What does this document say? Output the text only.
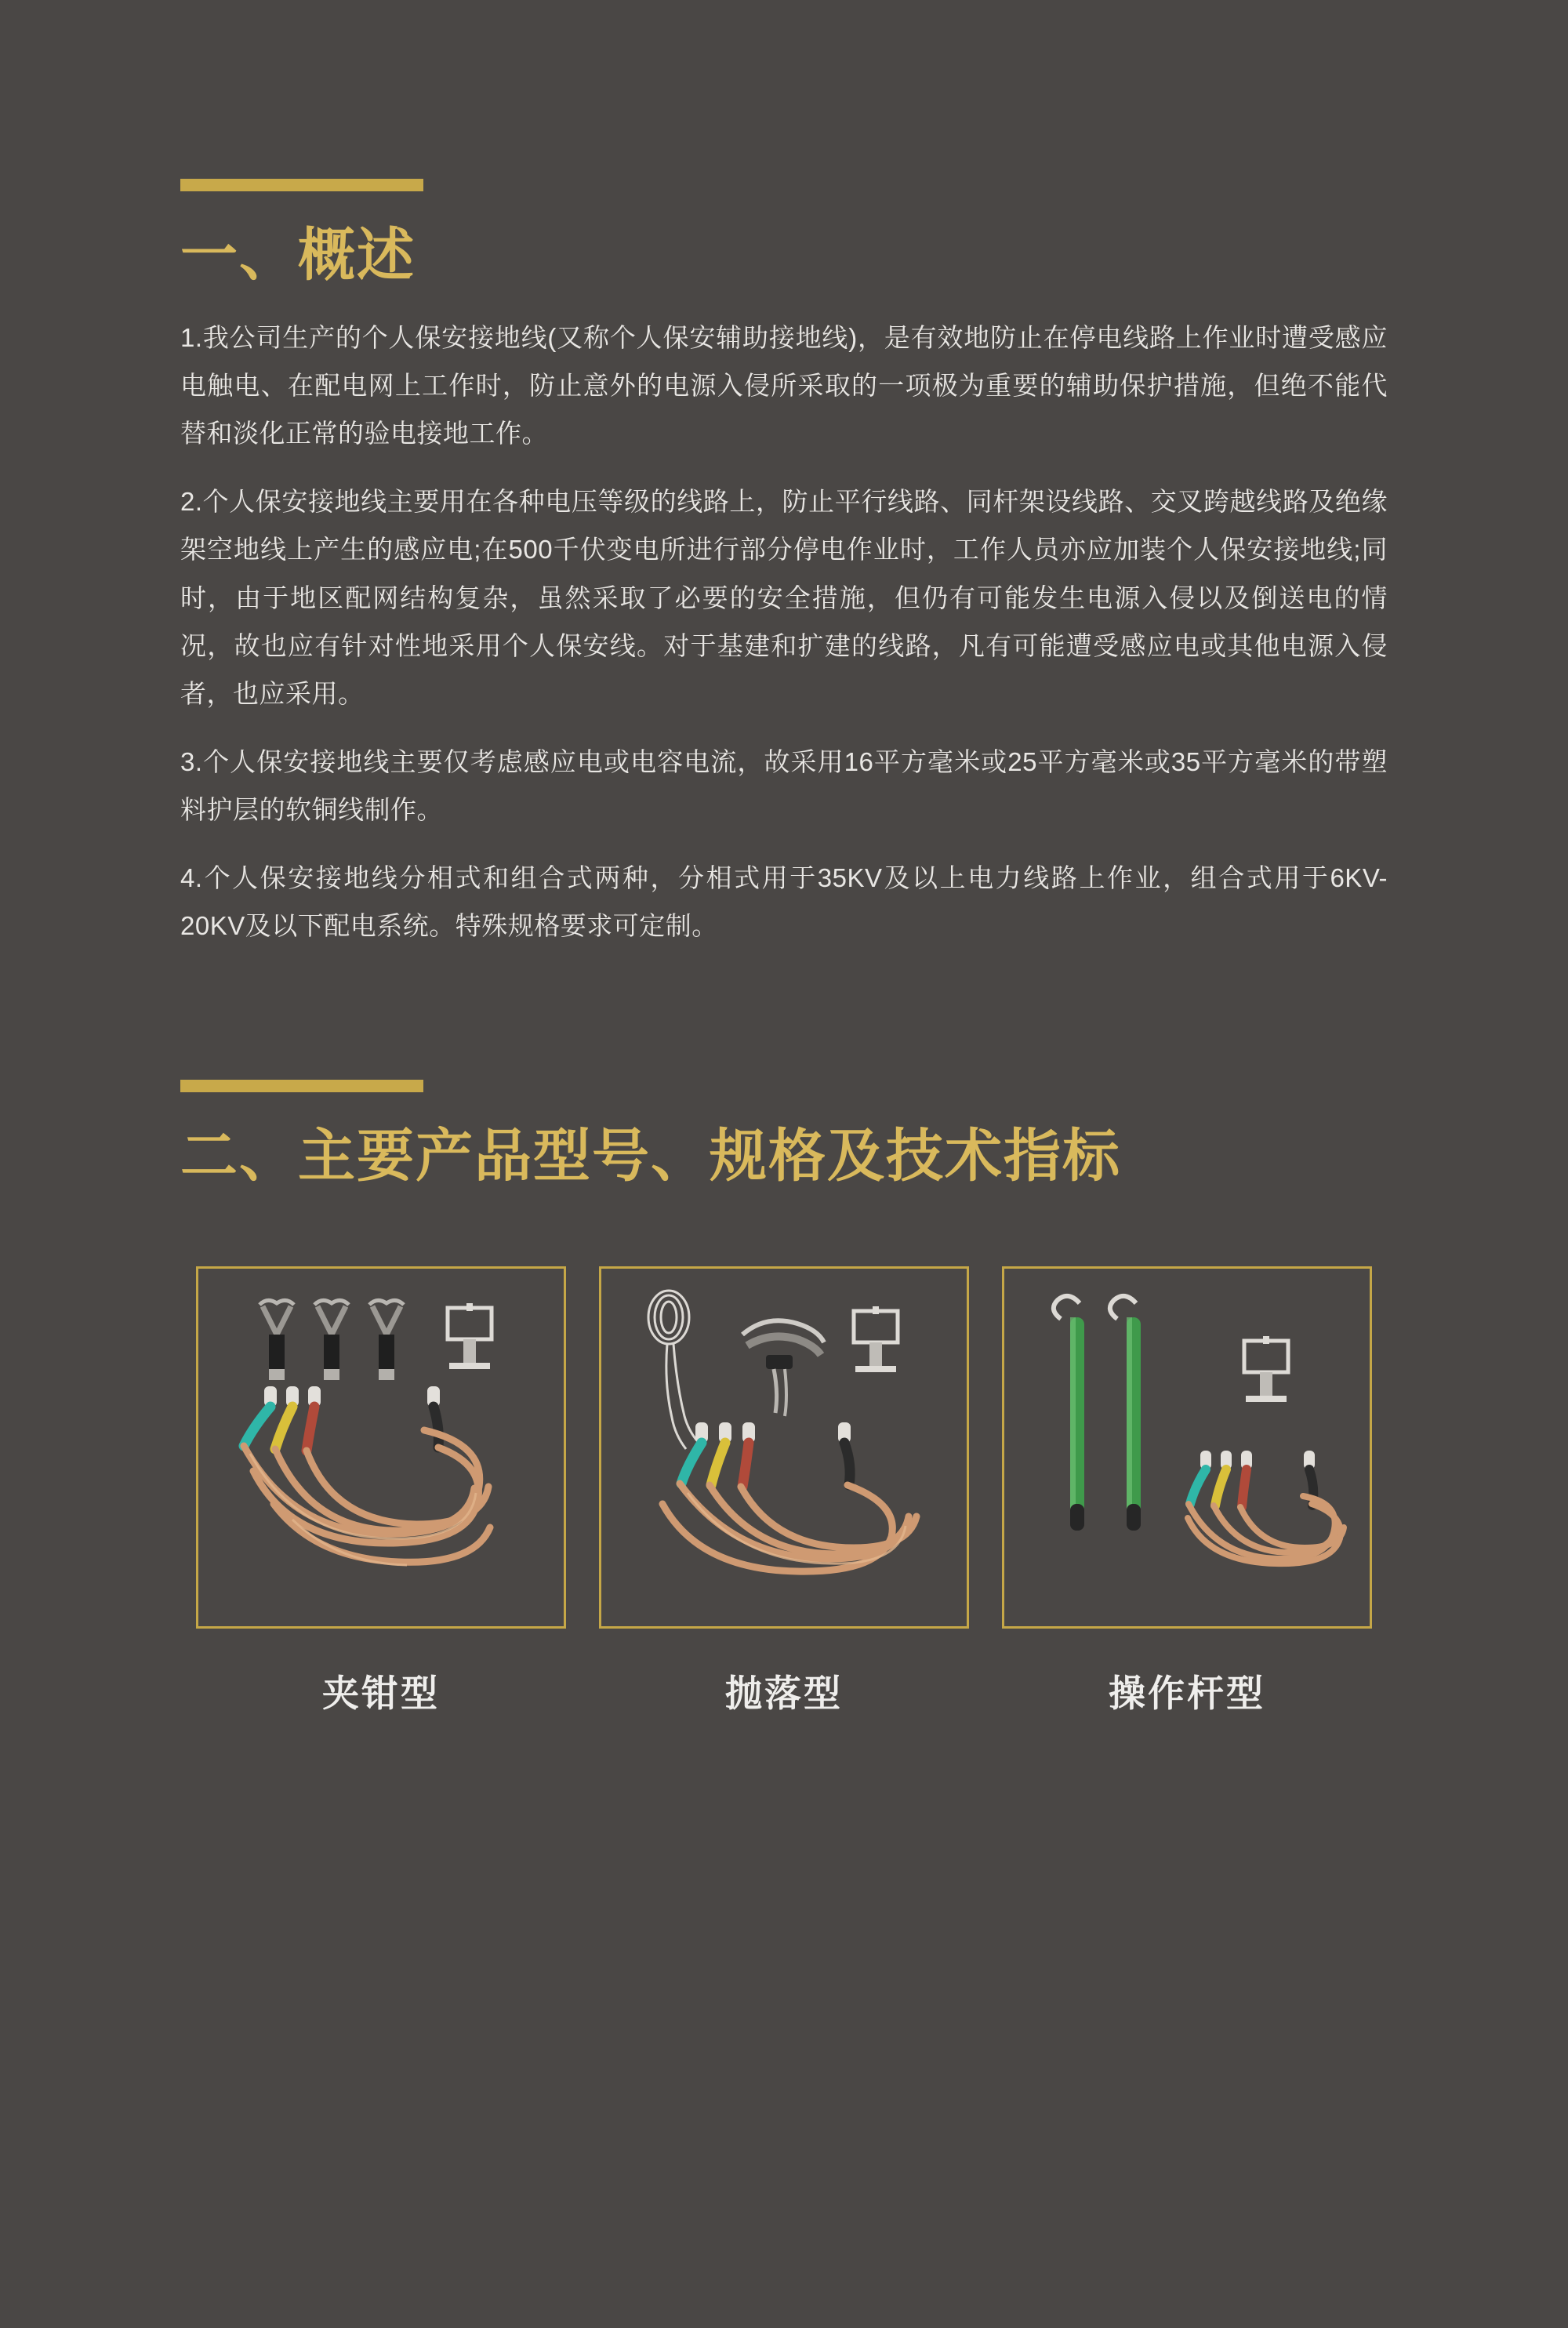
一、概述

1.我公司生产的个人保安接地线(又称个人保安辅助接地线)，是有效地防止在停电线路上作业时遭受感应电触电、在配电网上工作时，防止意外的电源入侵所采取的一项极为重要的辅助保护措施，但绝不能代替和淡化正常的验电接地工作。

2.个人保安接地线主要用在各种电压等级的线路上，防止平行线路、同杆架设线路、交叉跨越线路及绝缘架空地线上产生的感应电;在500千伏变电所进行部分停电作业时，工作人员亦应加装个人保安接地线;同时，由于地区配网结构复杂，虽然采取了必要的安全措施，但仍有可能发生电源入侵以及倒送电的情况，故也应有针对性地采用个人保安线。对于基建和扩建的线路，凡有可能遭受感应电或其他电源入侵者，也应采用。

3.个人保安接地线主要仅考虑感应电或电容电流，故采用16平方毫米或25平方毫米或35平方毫米的带塑料护层的软铜线制作。

4.个人保安接地线分相式和组合式两种，分相式用于35KV及以上电力线路上作业，组合式用于6KV-20KV及以下配电系统。特殊规格要求可定制。

二、主要产品型号、规格及技术指标
夹钳型	抛落型	操作杆型
